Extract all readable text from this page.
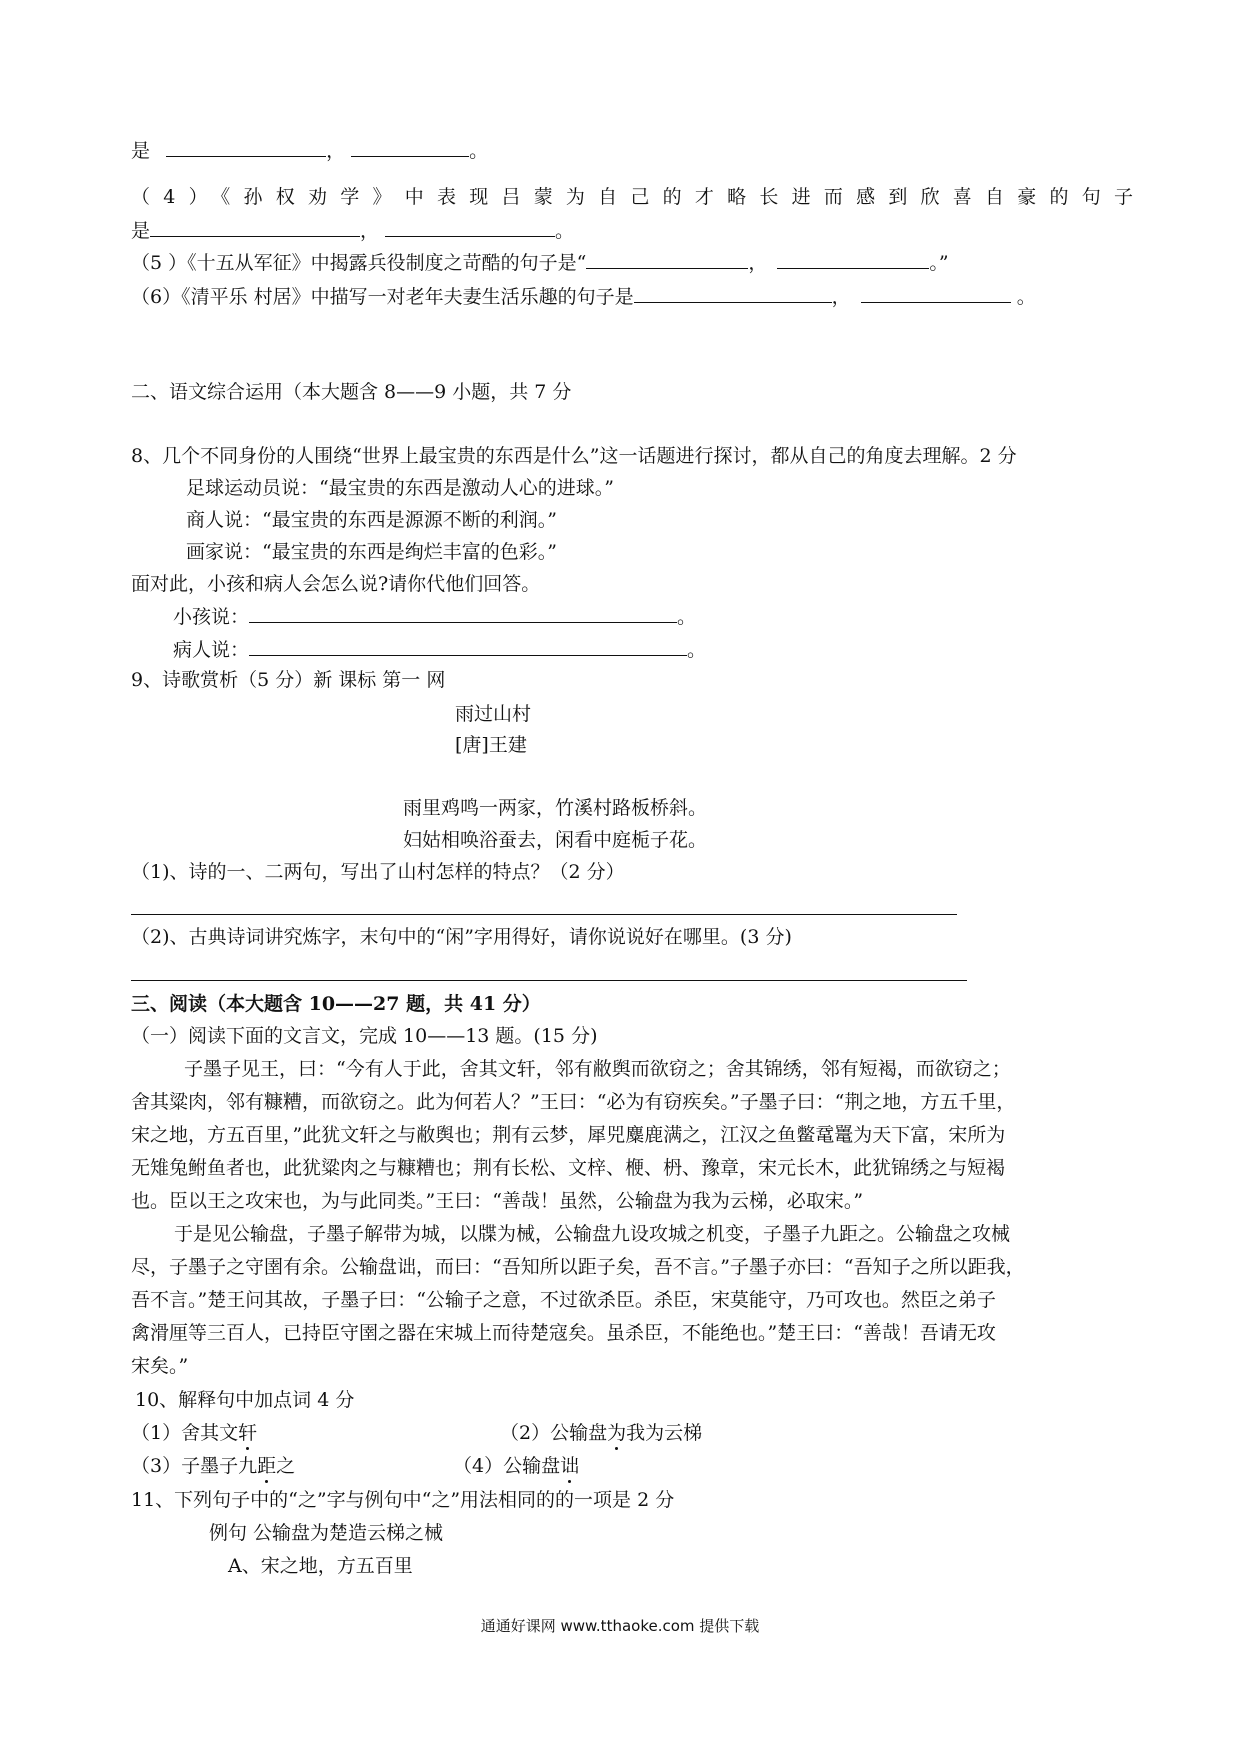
是	，	。
（4）《孙权劝学》中表现吕蒙为自己的才略长进而感到欣喜自豪的句子
是	，	。
（5 ）《十五从军征》中揭露兵役制度之苛酷的句子是“	，	。”
（6）《清平乐 村居》中描写一对老年夫妻生活乐趣的句子是	，	。
二、语文综合运用（本大题含 8——9 小题，共 7 分
8、几个不同身份的人围绕“世界上最宝贵的东西是什么”这一话题进行探讨，都从自己的角度去理解。2 分
足球运动员说：“最宝贵的东西是激动人心的进球。”
商人说：“最宝贵的东西是源源不断的利润。”
画家说：“最宝贵的东西是绚烂丰富的色彩。”
面对此，小孩和病人会怎么说?请你代他们回答。
小孩说：	。
病人说：	。
9、诗歌赏析（5 分）新 课标 第一 网
雨过山村
[唐]王建
雨里鸡鸣一两家，竹溪村路板桥斜。
妇姑相唤浴蚕去，闲看中庭栀子花。
（1)、诗的一、二两句，写出了山村怎样的特点？（2 分）
（2)、古典诗词讲究炼字，末句中的“闲”字用得好，请你说说好在哪里。(3 分)
三、阅读（本大题含 10——27 题，共 41 分）
（一）阅读下面的文言文，完成 10——13 题。(15 分)
子墨子见王，曰：“今有人于此，舍其文轩，邻有敝舆而欲窃之；舍其锦绣，邻有短褐，而欲窃之；
舍其粱肉，邻有糠糟，而欲窃之。此为何若人？”王曰：“必为有窃疾矣。”子墨子曰：“荆之地，方五千里，
宋之地，方五百里，”此犹文轩之与敝舆也；荆有云梦，犀兕麋鹿满之，江汉之鱼鳖鼋鼍为天下富，宋所为
无雉兔鲋鱼者也，此犹粱肉之与糠糟也；荆有长松、文梓、楩、枬、豫章，宋元长木，此犹锦绣之与短褐
也。臣以王之攻宋也，为与此同类。”王曰：“善哉！虽然，公输盘为我为云梯，必取宋。”
于是见公输盘，子墨子解带为城，以牒为械，公输盘九设攻城之机变，子墨子九距之。公输盘之攻械
尽，子墨子之守圉有余。公输盘诎，而曰：“吾知所以距子矣，吾不言。”子墨子亦曰：“吾知子之所以距我，
吾不言。”楚王问其故，子墨子曰：“公输子之意，不过欲杀臣。杀臣，宋莫能守，乃可攻也。然臣之弟子
禽滑厘等三百人，已持臣守圉之器在宋城上而待楚寇矣。虽杀臣，不能绝也。”楚王曰：“善哉！吾请无攻
宋矣。”
10、解释句中加点词 4 分
（1）舍其文轩	（2）公输盘为我为云梯
（3）子墨子九距之	（4）公输盘诎
11、下列句子中的“之”字与例句中“之”用法相同的的一项是 2 分
例句 公输盘为楚造云梯之械
A、宋之地，方五百里
通通好课网 www.tthaoke.com 提供下载
